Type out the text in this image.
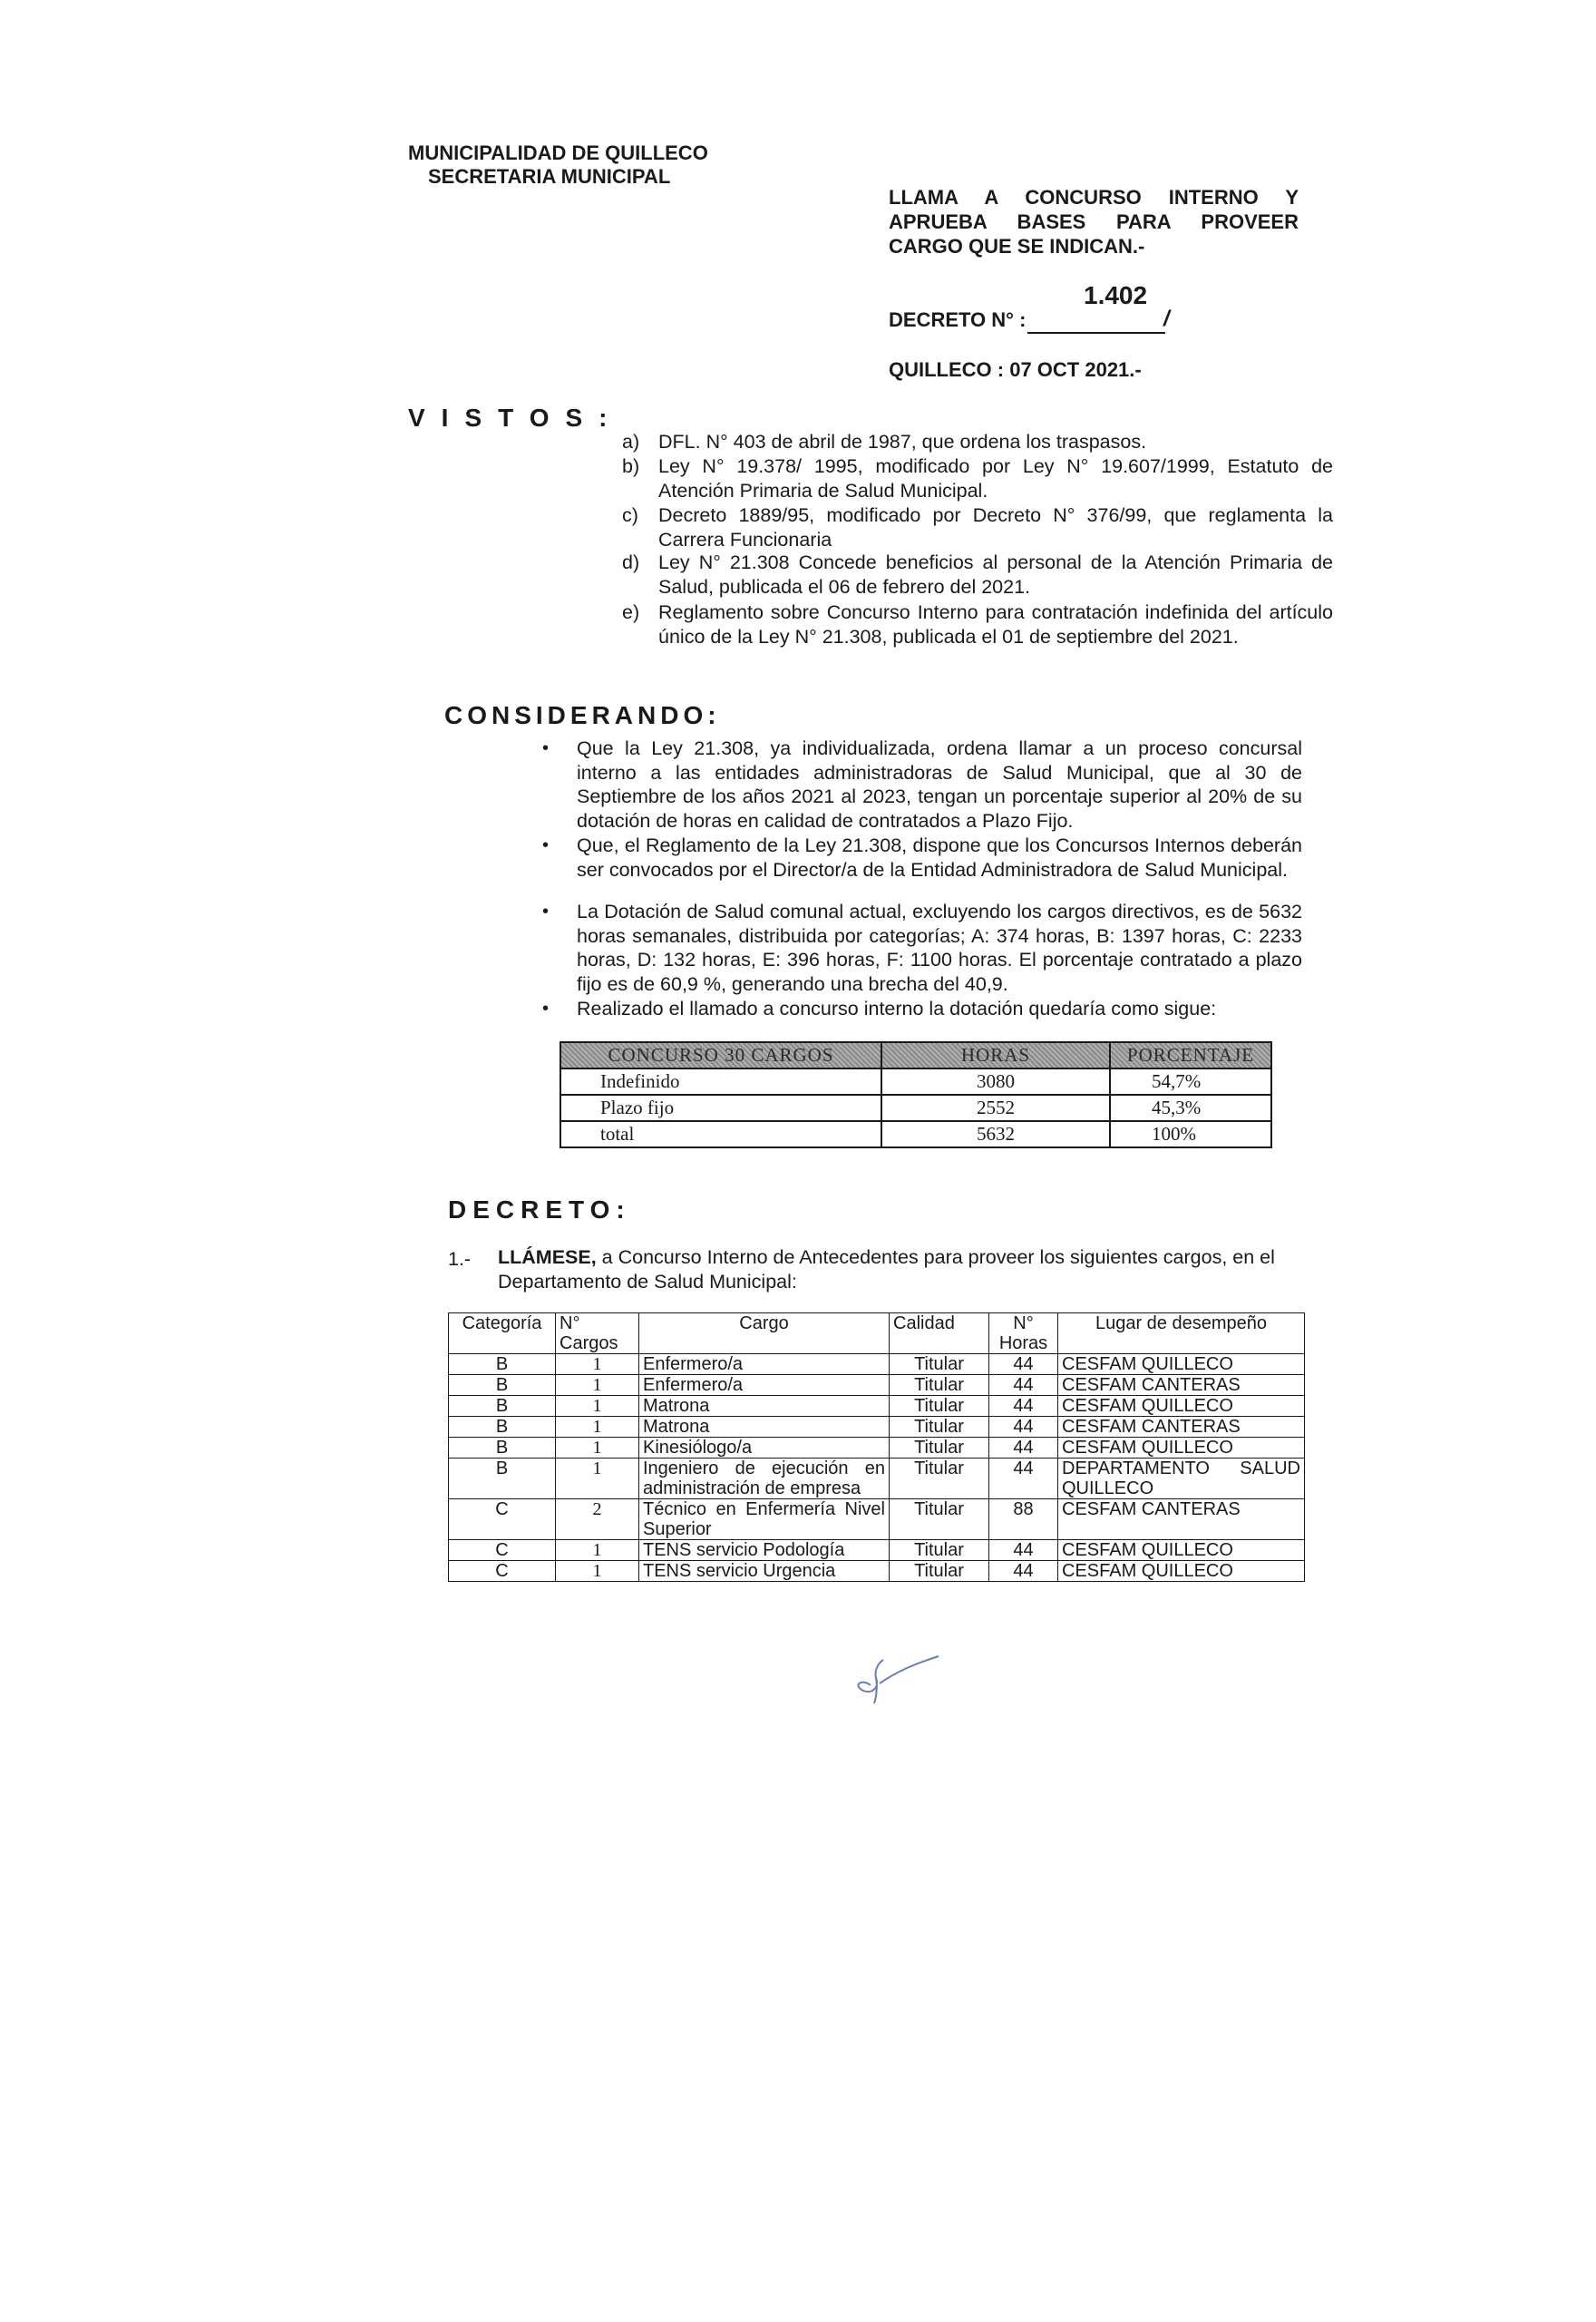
MUNICIPALIDAD DE QUILLECO
SECRETARIA MUNICIPAL
LLAMA A CONCURSO INTERNO Y
APRUEBA BASES PARA PROVEER
CARGO QUE SE INDICAN.-
1.402
DECRETO N° :	/
QUILLECO : 07 OCT 2021.-
VISTOS:
a) DFL. N° 403 de abril de 1987, que ordena los traspasos.
b) Ley N° 19.378/ 1995, modificado por Ley N° 19.607/1999, Estatuto de Atención Primaria de Salud Municipal.
c) Decreto 1889/95, modificado por Decreto N° 376/99, que reglamenta la Carrera Funcionaria
d) Ley N° 21.308 Concede beneficios al personal de la Atención Primaria de Salud, publicada el 06 de febrero del 2021.
e) Reglamento sobre Concurso Interno para contratación indefinida del artículo único de la Ley N° 21.308, publicada el 01 de septiembre del 2021.
CONSIDERANDO:
• Que la Ley 21.308, ya individualizada, ordena llamar a un proceso concursal interno a las entidades administradoras de Salud Municipal, que al 30 de Septiembre de los años 2021 al 2023, tengan un porcentaje superior al 20% de su dotación de horas en calidad de contratados a Plazo Fijo.
• Que, el Reglamento de la Ley 21.308, dispone que los Concursos Internos deberán ser convocados por el Director/a de la Entidad Administradora de Salud Municipal.
• La Dotación de Salud comunal actual, excluyendo los cargos directivos, es de 5632 horas semanales, distribuida por categorías; A: 374 horas, B: 1397 horas, C: 2233 horas, D: 132 horas, E: 396 horas, F: 1100 horas. El porcentaje contratado a plazo fijo es de 60,9 %, generando una brecha del 40,9.
• Realizado el llamado a concurso interno la dotación quedaría como sigue:
CONCURSO 30 CARGOS	HORAS	PORCENTAJE
Indefinido	3080	54,7%
Plazo fijo	2552	45,3%
total	5632	100%
DECRETO:
1.- LLÁMESE, a Concurso Interno de Antecedentes para proveer los siguientes cargos, en el Departamento de Salud Municipal:
Categoría	N° Cargos	Cargo	Calidad	N° Horas	Lugar de desempeño
B	1	Enfermero/a	Titular	44	CESFAM QUILLECO
B	1	Enfermero/a	Titular	44	CESFAM CANTERAS
B	1	Matrona	Titular	44	CESFAM QUILLECO
B	1	Matrona	Titular	44	CESFAM CANTERAS
B	1	Kinesiólogo/a	Titular	44	CESFAM QUILLECO
B	1	Ingeniero de ejecución en administración de empresa	Titular	44	DEPARTAMENTO SALUD QUILLECO
C	2	Técnico en Enfermería Nivel Superior	Titular	88	CESFAM CANTERAS
C	1	TENS servicio Podología	Titular	44	CESFAM QUILLECO
C	1	TENS servicio Urgencia	Titular	44	CESFAM QUILLECO
